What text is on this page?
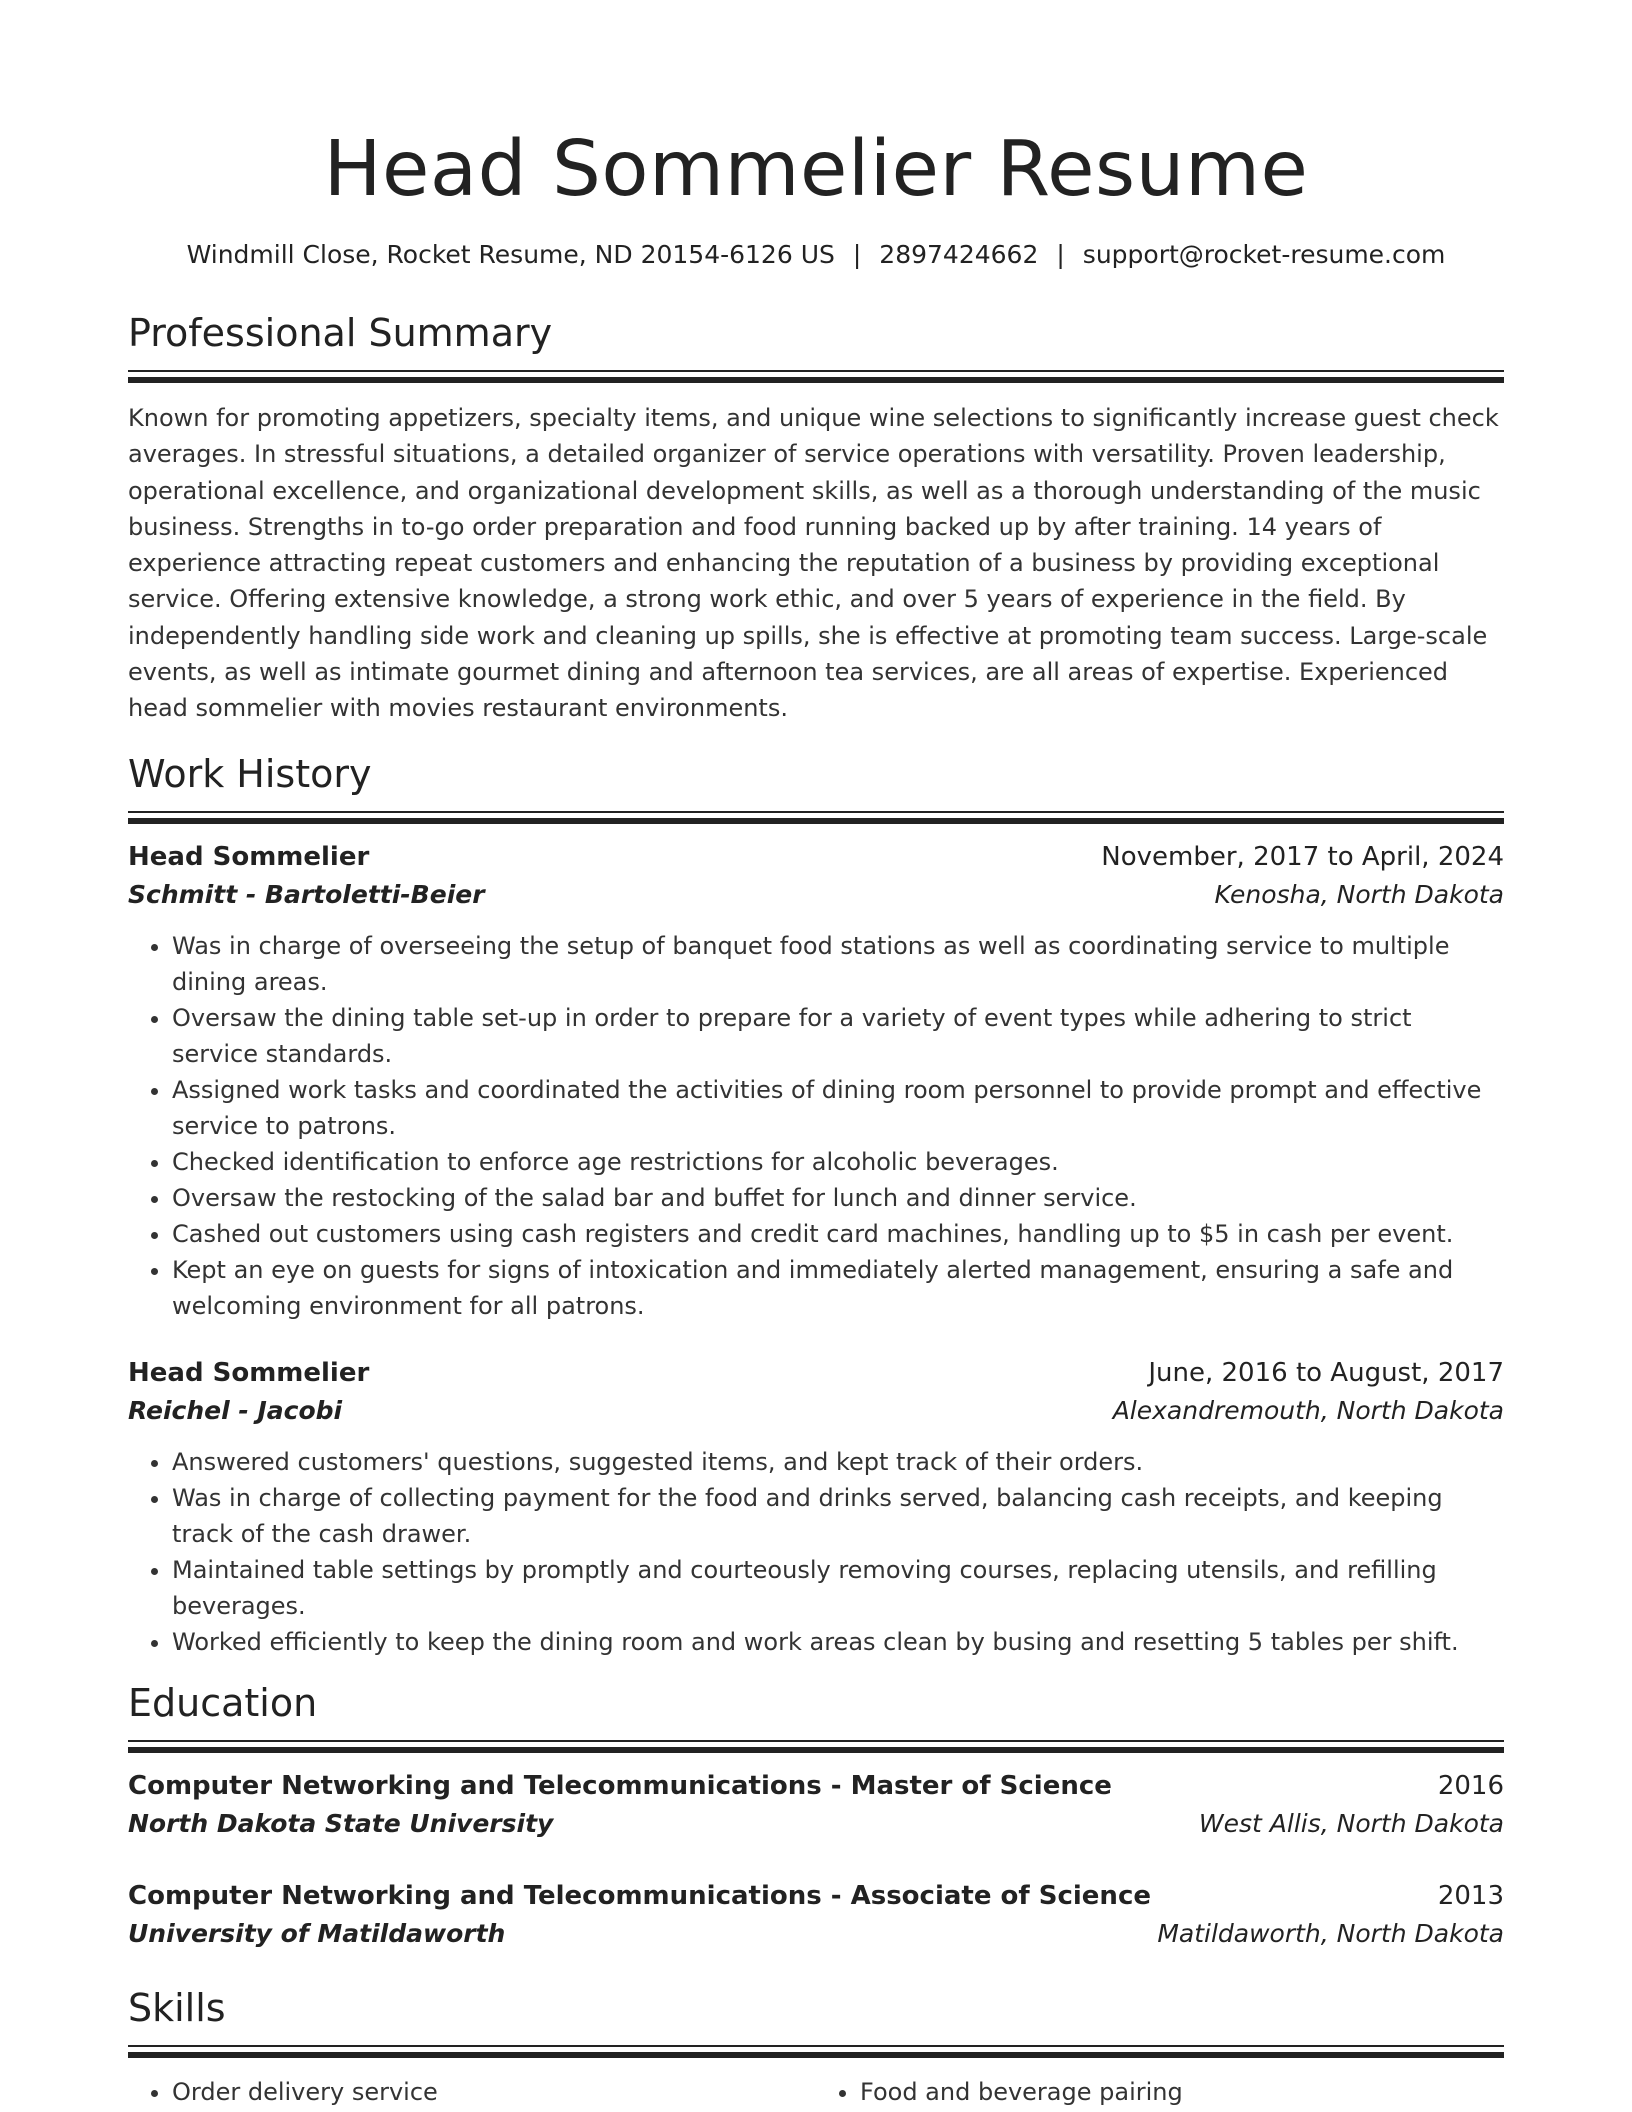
Head Sommelier Resume
Windmill Close, Rocket Resume, ND 20154-6126 US | 2897424662 | support@rocket-resume.com
Professional Summary

Known for promoting appetizers, specialty items, and unique wine selections to significantly increase guest check averages. In stressful situations, a detailed organizer of service operations with versatility. Proven leadership, operational excellence, and organizational development skills, as well as a thorough understanding of the music business. Strengths in to-go order preparation and food running backed up by after training. 14 years of experience attracting repeat customers and enhancing the reputation of a business by providing exceptional service. Offering extensive knowledge, a strong work ethic, and over 5 years of experience in the field. By independently handling side work and cleaning up spills, she is effective at promoting team success. Large-scale events, as well as intimate gourmet dining and afternoon tea services, are all areas of expertise. Experienced head sommelier with movies restaurant environments.

Work History
Head Sommelier	November, 2017 to April, 2024
Schmitt - Bartoletti-Beier	Kenosha, North Dakota
• Was in charge of overseeing the setup of banquet food stations as well as coordinating service to multiple dining areas.
• Oversaw the dining table set-up in order to prepare for a variety of event types while adhering to strict service standards.
• Assigned work tasks and coordinated the activities of dining room personnel to provide prompt and effective service to patrons.
• Checked identification to enforce age restrictions for alcoholic beverages.
• Oversaw the restocking of the salad bar and buffet for lunch and dinner service.
• Cashed out customers using cash registers and credit card machines, handling up to $5 in cash per event.
• Kept an eye on guests for signs of intoxication and immediately alerted management, ensuring a safe and welcoming environment for all patrons.
Head Sommelier	June, 2016 to August, 2017
Reichel - Jacobi	Alexandremouth, North Dakota
• Answered customers' questions, suggested items, and kept track of their orders.
• Was in charge of collecting payment for the food and drinks served, balancing cash receipts, and keeping track of the cash drawer.
• Maintained table settings by promptly and courteously removing courses, replacing utensils, and refilling beverages.
• Worked efficiently to keep the dining room and work areas clean by busing and resetting 5 tables per shift.
Education
Computer Networking and Telecommunications - Master of Science	2016
North Dakota State University	West Allis, North Dakota
Computer Networking and Telecommunications - Associate of Science	2013
University of Matildaworth	Matildaworth, North Dakota
Skills
• Order delivery service
•	Food and beverage pairing
